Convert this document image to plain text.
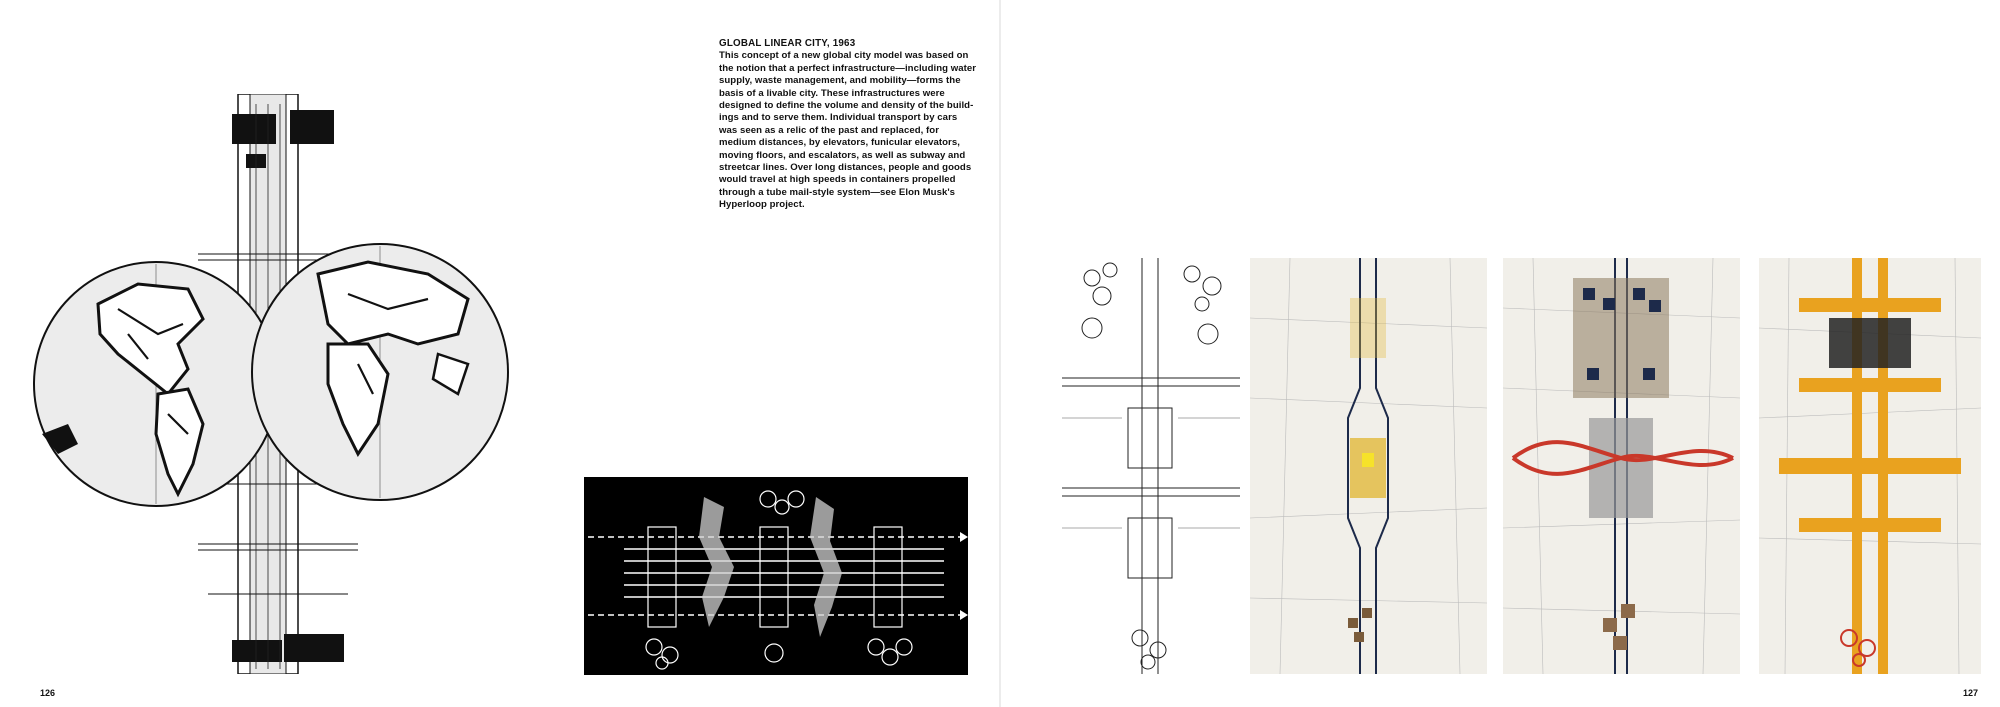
GLOBAL LINEAR CITY, 1963

This concept of a new global city model was based on the notion that a perfect infrastructure—including water supply, waste management, and mobility—forms the basis of a livable city. These infrastructures were designed to define the volume and density of the build-ings and to serve them. Individual transport by cars was seen as a relic of the past and replaced, for medium distances, by elevators, funicular elevators, moving floors, and escalators, as well as subway and streetcar lines. Over long distances, people and goods would travel at high speeds in containers propelled through a tube mail-style system—see Elon Musk's Hyperloop project.

126	127
